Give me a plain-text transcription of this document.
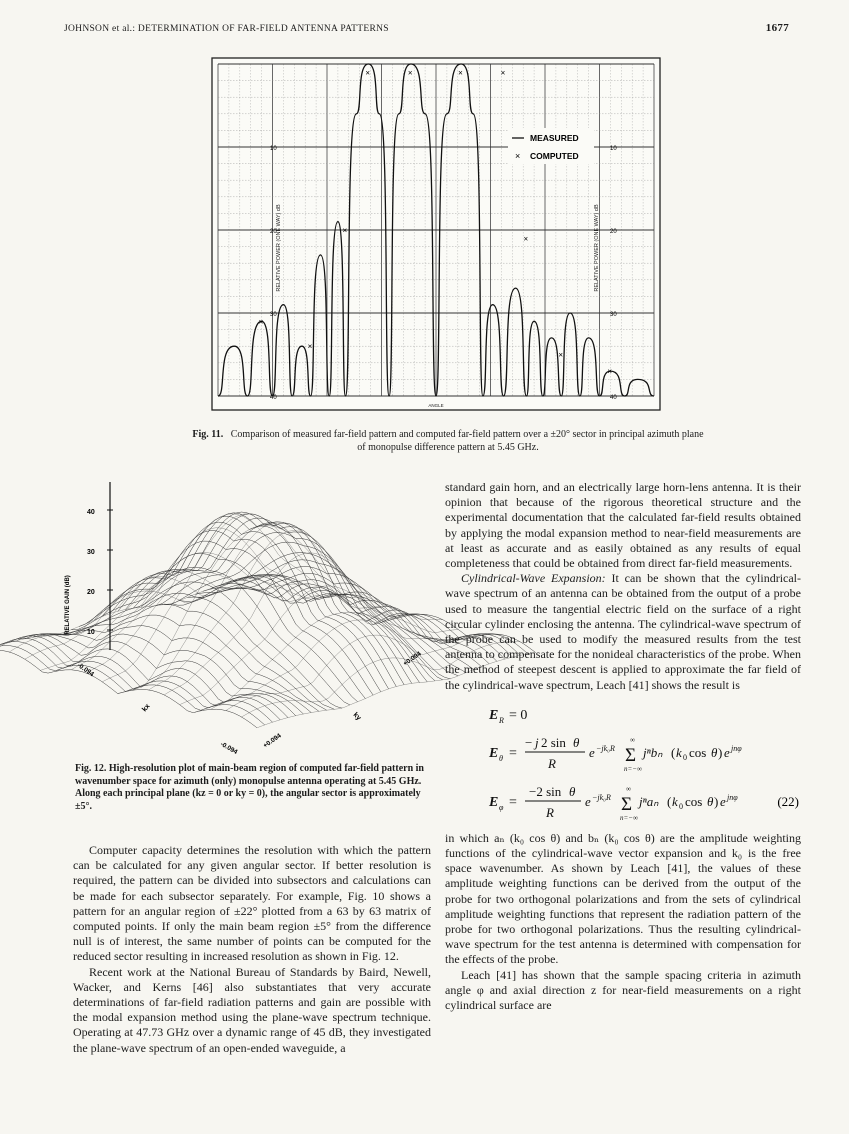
JOHNSON et al.: DETERMINATION OF FAR-FIELD ANTENNA PATTERNS	1677
10	10
20	20
30	30
40	40
RELATIVE POWER (ONE WAY) dB	RELATIVE POWER (ONE WAY) dB
ANGLE
×
×
×
×	×	×	×
×
×
×
MEASURED
× COMPUTED
Fig. 11. Comparison of measured far-field pattern and computed far-field pattern over a ±20° sector in principal azimuth plane of monopulse difference pattern at 5.45 GHz.
40
30
20
10
RELATIVE GAIN (dB)
-0.094
+0.094
-0.094	+0.094
kx
ky
Fig. 12. High-resolution plot of main-beam region of computed far-field pattern in wavenumber space for azimuth (only) monopulse antenna operating at 5.45 GHz. Along each principal plane (kz = 0 or ky = 0), the angular sector is approximately ±5°.

Computer capacity determines the resolution with which the pattern can be calculated for any given angular sector. If better resolution is required, the pattern can be divided into subsectors and calculations can be made for each subsector separately. For example, Fig. 10 shows a pattern for an angular region of ±22° plotted from a 63 by 63 matrix of computed points. If only the main beam region ±5° from the difference null is of interest, the same number of points can be computed for the reduced sector resulting in increased resolution as shown in Fig. 12.

Recent work at the National Bureau of Standards by Baird, Newell, Wacker, and Kerns [46] also substantiates that very accurate determinations of far-field radiation patterns and gain are possible with the modal expansion method using the plane-wave spectrum technique. Operating at 47.73 GHz over a dynamic range of 45 dB, they investigated the plane-wave spectrum of an open-ended waveguide, a

standard gain horn, and an electrically large horn-lens antenna. It is their opinion that because of the rigorous theoretical structure and the experimental documentation that the calculated far-field results obtained by applying the modal expansion method to near-field measurements are at least as accurate and as easily obtained as any results of equal completeness that could be obtained from direct far-field measurements.

Cylindrical-Wave Expansion: It can be shown that the cylindrical-wave spectrum of an antenna can be obtained from the output of a probe used to measure the tangential electric field on the surface of a right circular cylinder enclosing the antenna. The cylindrical-wave spectrum of the probe can be used to modify the measured results from the test antenna to compensate for the nonideal characteristics of the probe. When the method of steepest descent is applied to approximate the far field of the cylindrical-wave spectrum, Leach [41] shows the result is

E R = 0
E θ =
− j 2 sin θ
R
e −jk₀R Σ
∞
n=−∞
jⁿbₙ ( k 0 cos θ ) e jnφ
E φ =
−2 sin θ
R
e −jk₀R Σ
∞
n=−∞
jⁿaₙ ( k 0 cos θ ) e jnφ	(22)

in which aₙ (k₀ cos θ) and bₙ (k₀ cos θ) are the amplitude weighting functions of the cylindrical-wave vector expansion and k₀ is the free space wavenumber. As shown by Leach [41], the values of these amplitude weighting functions can be derived from the output of the probe for two orthogonal polarizations and from the sets of cylindrical amplitude weighting functions that represent the radiation pattern of the probe for two orthogonal polarizations. Thus the resulting cylindrical-wave spectrum for the test antenna is determined with compensation for the effects of the probe.

Leach [41] has shown that the sample spacing criteria in azimuth angle φ and axial direction z for near-field measurements on a right cylindrical surface are
